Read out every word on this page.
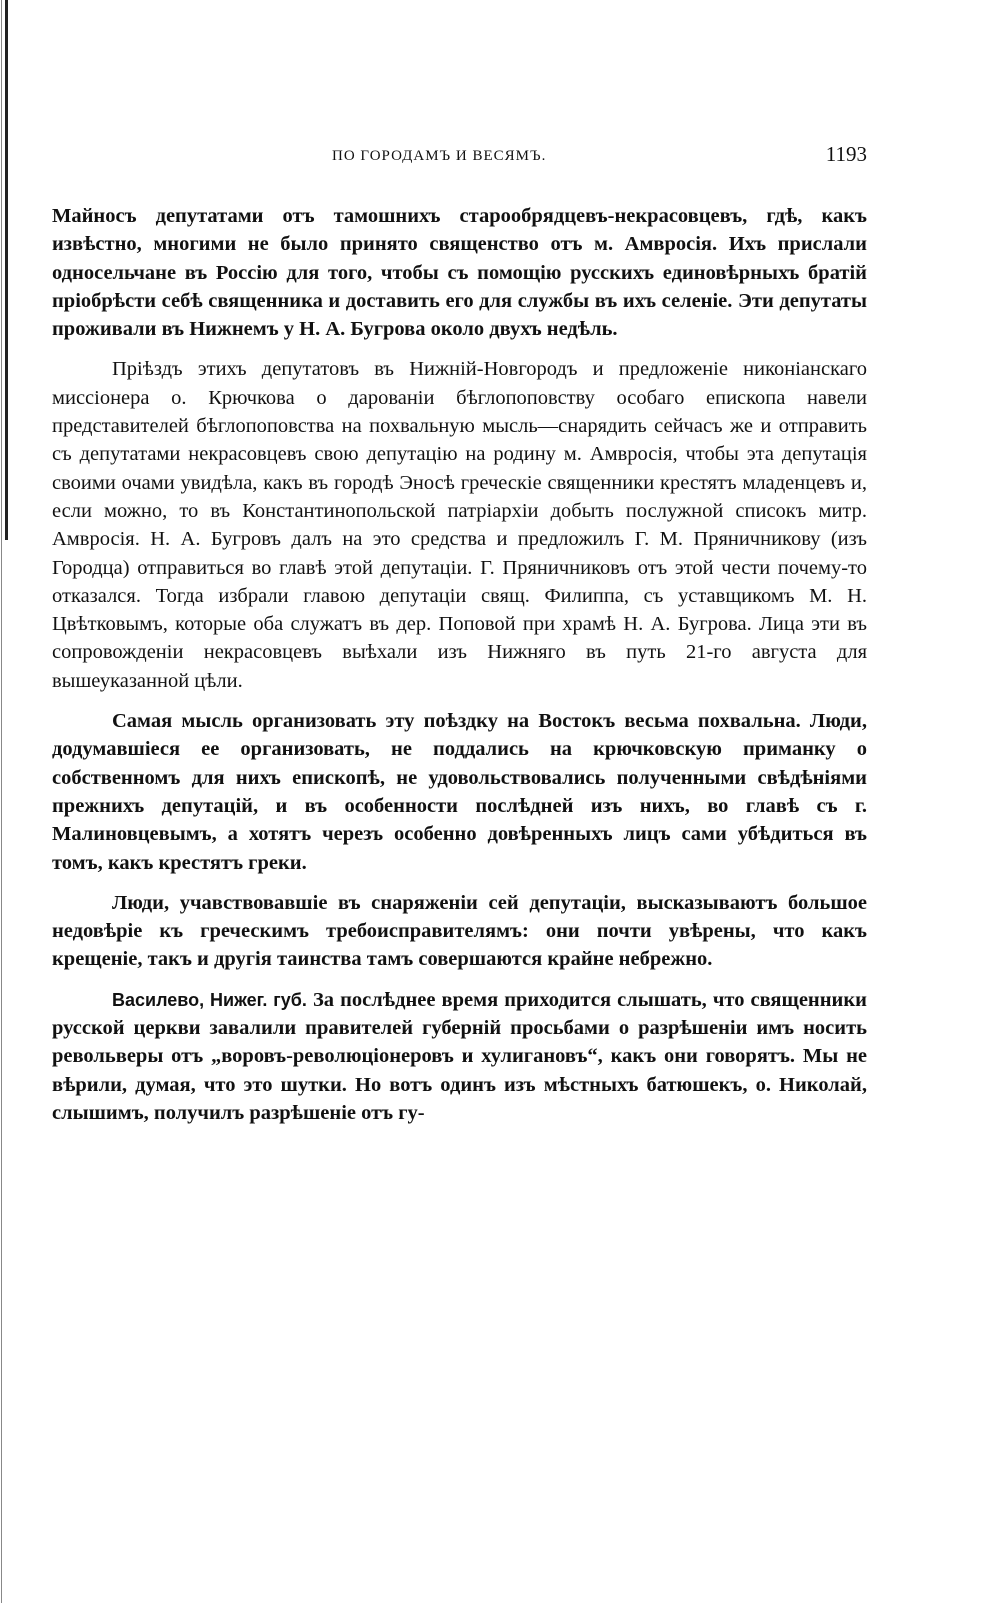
ПО ГОРОДАМЪ И ВЕСЯМЪ.	1193

Майносъ депутатами отъ тамошнихъ старообрядцевъ-некрасовцевъ, гдѣ, какъ извѣстно, многими не было принято священство отъ м. Амвросія. Ихъ прислали односельчане въ Россію для того, чтобы съ помощію русскихъ единовѣрныхъ братій пріобрѣсти себѣ священника и доставить его для службы въ ихъ селеніе. Эти депутаты проживали въ Нижнемъ у Н. А. Бугрова около двухъ недѣль.

Пріѣздъ этихъ депутатовъ въ Нижній-Новгородъ и предложеніе никоніанскаго миссіонера о. Крючкова о дарованіи бѣглопоповству особаго епископа навели представителей бѣглопоповства на похвальную мысль—снарядить сейчасъ же и отправить съ депутатами некрасовцевъ свою депутацію на родину м. Амвросія, чтобы эта депутація своими очами увидѣла, какъ въ городѣ Эносѣ греческіе священники крестятъ младенцевъ и, если можно, то въ Константинопольской патріархіи добыть послужной списокъ митр. Амвросія. Н. А. Бугровъ далъ на это средства и предложилъ Г. М. Пряничникову (изъ Городца) отправиться во главѣ этой депутаціи. Г. Пряничниковъ отъ этой чести почему-то отказался. Тогда избрали главою депутаціи свящ. Филиппа, съ уставщикомъ М. Н. Цвѣтковымъ, которые оба служатъ въ дер. Поповой при храмѣ Н. А. Бугрова. Лица эти въ сопровожденіи некрасовцевъ выѣхали изъ Нижняго въ путь 21-го августа для вышеуказанной цѣли.

Самая мысль организовать эту поѣздку на Востокъ весьма похвальна. Люди, додумавшіеся ее организовать, не поддались на крючковскую приманку о собственномъ для нихъ епископѣ, не удовольствовались полученными свѣдѣніями прежнихъ депутацій, и въ особенности послѣдней изъ нихъ, во главѣ съ г. Малиновцевымъ, а хотятъ черезъ особенно довѣренныхъ лицъ сами убѣдиться въ томъ, какъ крестятъ греки.

Люди, учавствовавшіе въ снаряженіи сей депутаціи, высказываютъ большое недовѣріе къ греческимъ требоисправителямъ: они почти увѣрены, что какъ крещеніе, такъ и другія таинства тамъ совершаются крайне небрежно.

Василево, Нижег. губ. За послѣднее время приходится слышать, что священники русской церкви завалили правителей губерній просьбами о разрѣшеніи имъ носить револьверы отъ „воровъ-революціонеровъ и хулигановъ“, какъ они говорятъ. Мы не вѣрили, думая, что это шутки. Но вотъ одинъ изъ мѣстныхъ батюшекъ, о. Николай, слышимъ, получилъ разрѣшеніе отъ гу-
